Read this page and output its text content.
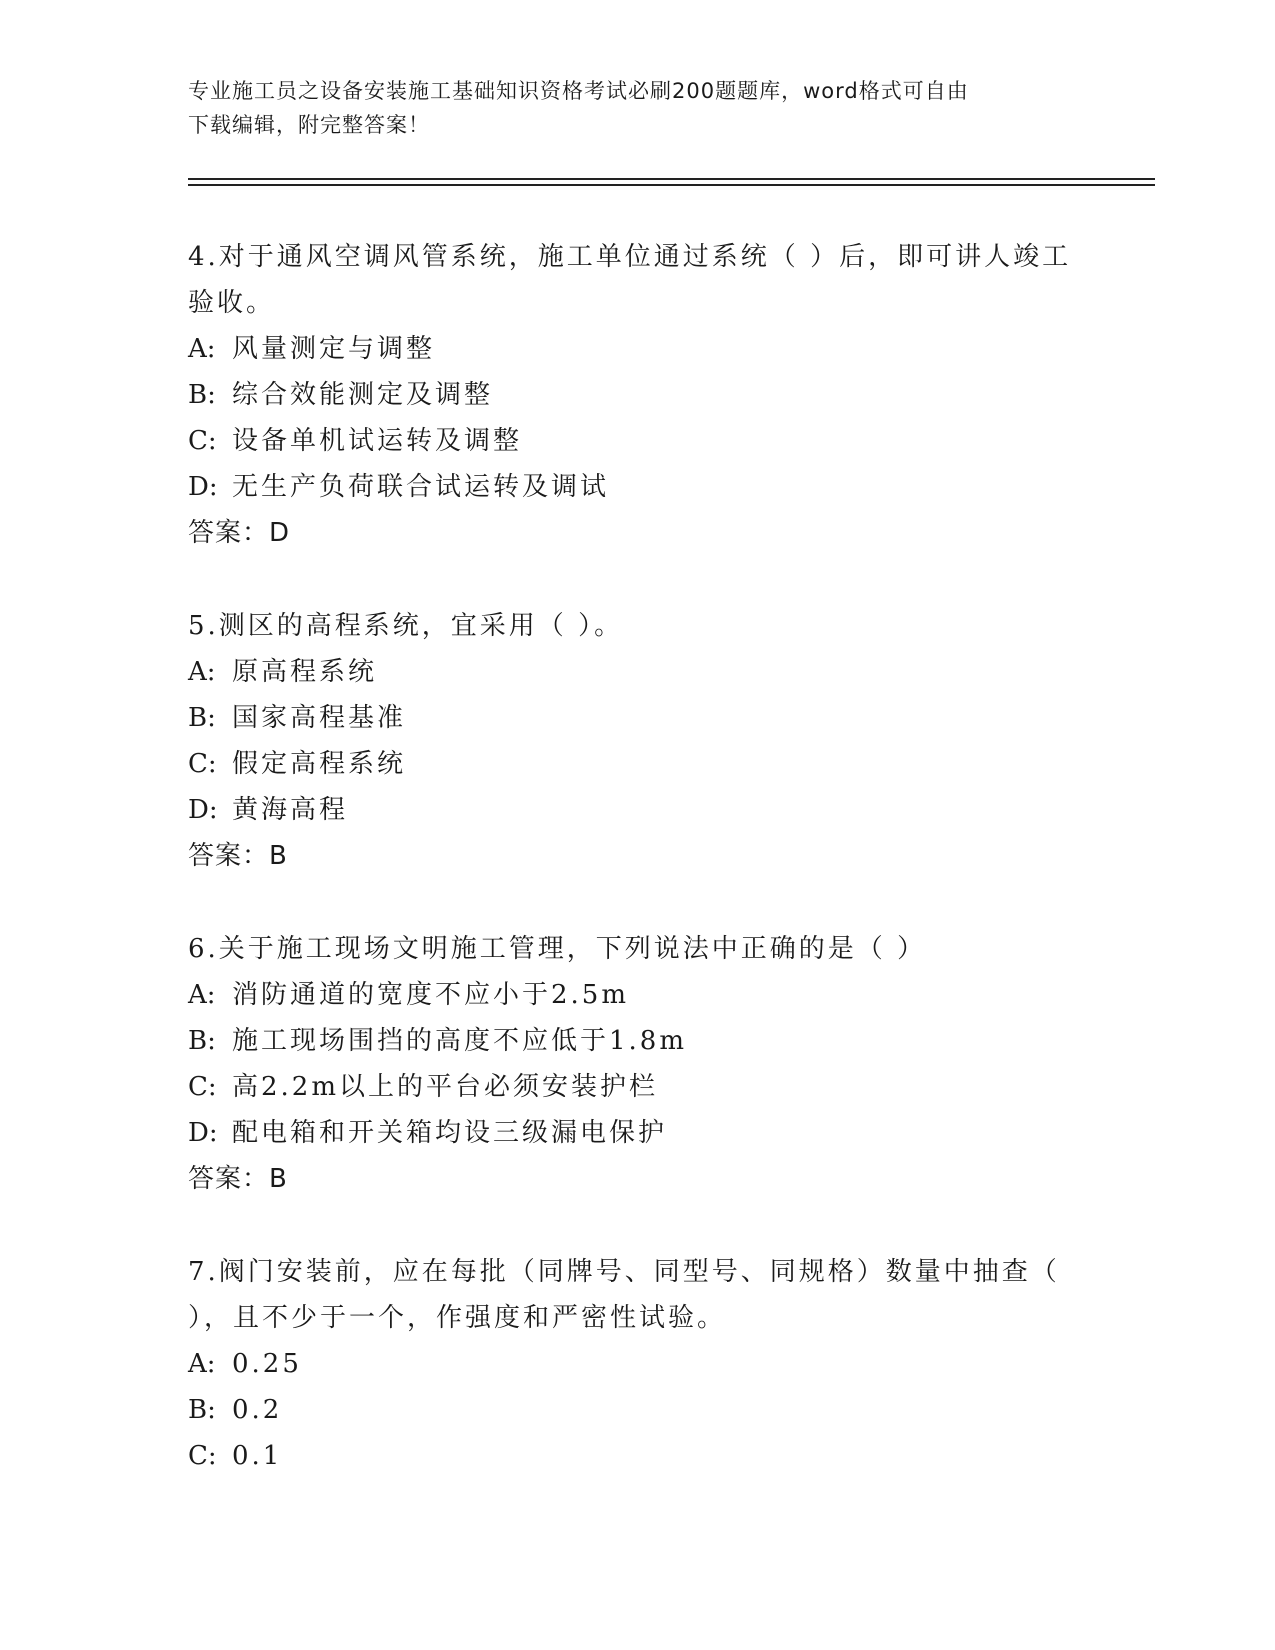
专业施工员之设备安装施工基础知识资格考试必刷200题题库，word格式可自由
下载编辑，附完整答案！

4.对于通风空调风管系统，施工单位通过系统（ ）后，即可讲人竣工

验收。

A: 风量测定与调整

B: 综合效能测定及调整

C: 设备单机试运转及调整

D: 无生产负荷联合试运转及调试

答案：D

5.测区的高程系统，宜采用（ ）。

A: 原高程系统

B: 国家高程基准

C: 假定高程系统

D: 黄海高程

答案：B

6.关于施工现场文明施工管理，下列说法中正确的是（ ）

A: 消防通道的宽度不应小于2.5m

B: 施工现场围挡的高度不应低于1.8m

C: 高2.2m以上的平台必须安装护栏

D: 配电箱和开关箱均设三级漏电保护

答案：B

7.阀门安装前，应在每批（同牌号、同型号、同规格）数量中抽查（

），且不少于一个，作强度和严密性试验。

A: 0.25

B: 0.2

C: 0.1
